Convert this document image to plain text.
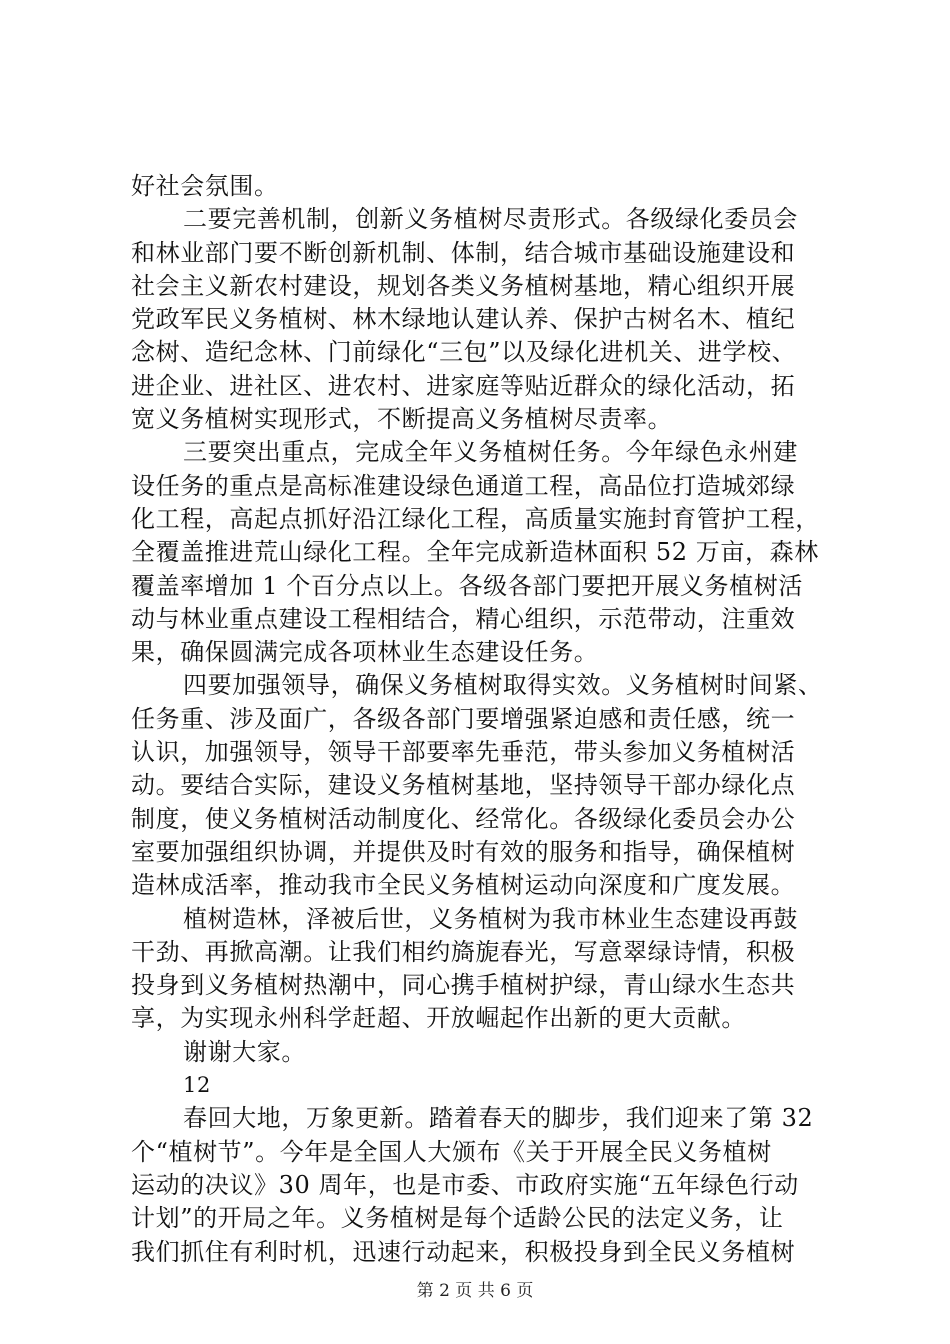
好社会氛围。
二要完善机制，创新义务植树尽责形式。各级绿化委员会
和林业部门要不断创新机制、体制，结合城市基础设施建设和
社会主义新农村建设，规划各类义务植树基地，精心组织开展
党政军民义务植树、林木绿地认建认养、保护古树名木、植纪
念树、造纪念林、门前绿化“三包”以及绿化进机关、进学校、
进企业、进社区、进农村、进家庭等贴近群众的绿化活动，拓
宽义务植树实现形式，不断提高义务植树尽责率。
三要突出重点，完成全年义务植树任务。今年绿色永州建
设任务的重点是高标准建设绿色通道工程，高品位打造城郊绿
化工程，高起点抓好沿江绿化工程，高质量实施封育管护工程，
全覆盖推进荒山绿化工程。全年完成新造林面积 52 万亩，森林
覆盖率增加 1 个百分点以上。各级各部门要把开展义务植树活
动与林业重点建设工程相结合，精心组织，示范带动，注重效
果，确保圆满完成各项林业生态建设任务。
四要加强领导，确保义务植树取得实效。义务植树时间紧、
任务重、涉及面广，各级各部门要增强紧迫感和责任感，统一
认识，加强领导，领导干部要率先垂范，带头参加义务植树活
动。要结合实际，建设义务植树基地，坚持领导干部办绿化点
制度，使义务植树活动制度化、经常化。各级绿化委员会办公
室要加强组织协调，并提供及时有效的服务和指导，确保植树
造林成活率，推动我市全民义务植树运动向深度和广度发展。
植树造林，泽被后世，义务植树为我市林业生态建设再鼓
干劲、再掀高潮。让我们相约旖旎春光，写意翠绿诗情，积极
投身到义务植树热潮中，同心携手植树护绿，青山绿水生态共
享，为实现永州科学赶超、开放崛起作出新的更大贡献。
谢谢大家。
12
春回大地，万象更新。踏着春天的脚步，我们迎来了第 32
个“植树节”。今年是全国人大颁布《关于开展全民义务植树
运动的决议》30 周年，也是市委、市政府实施“五年绿色行动
计划”的开局之年。义务植树是每个适龄公民的法定义务，让
我们抓住有利时机，迅速行动起来，积极投身到全民义务植树
第 2 页 共 6 页
